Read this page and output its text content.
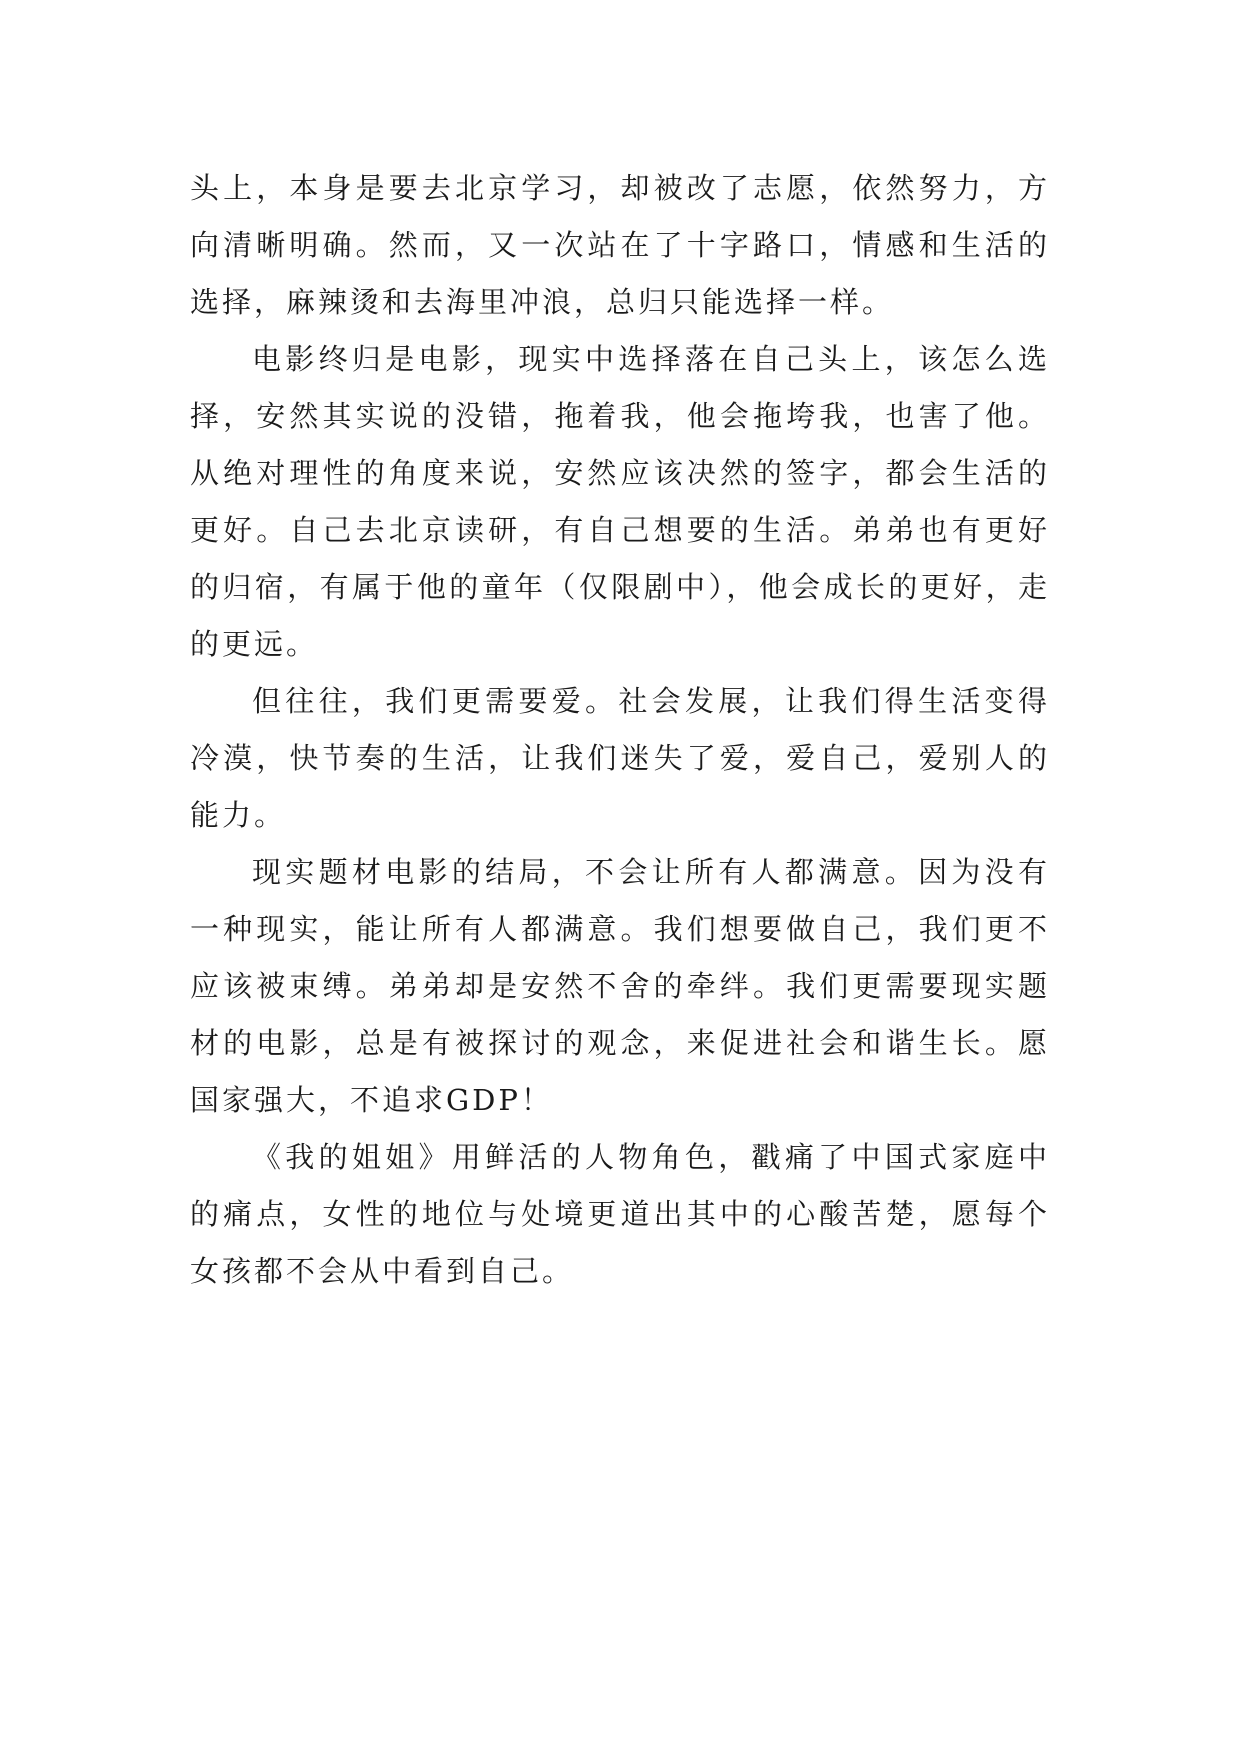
头上，本身是要去北京学习，却被改了志愿，依然努力，方向清晰明确。然而，又一次站在了十字路口，情感和生活的选择，麻辣烫和去海里冲浪，总归只能选择一样。

电影终归是电影，现实中选择落在自己头上，该怎么选择，安然其实说的没错，拖着我，他会拖垮我，也害了他。从绝对理性的角度来说，安然应该决然的签字，都会生活的更好。自己去北京读研，有自己想要的生活。弟弟也有更好的归宿，有属于他的童年（仅限剧中），他会成长的更好，走的更远。

但往往，我们更需要爱。社会发展，让我们得生活变得冷漠，快节奏的生活，让我们迷失了爱，爱自己，爱别人的能力。

现实题材电影的结局，不会让所有人都满意。因为没有一种现实，能让所有人都满意。我们想要做自己，我们更不应该被束缚。弟弟却是安然不舍的牵绊。我们更需要现实题材的电影，总是有被探讨的观念，来促进社会和谐生长。愿国家强大，不追求GDP！

《我的姐姐》用鲜活的人物角色，戳痛了中国式家庭中的痛点，女性的地位与处境更道出其中的心酸苦楚，愿每个女孩都不会从中看到自己。
